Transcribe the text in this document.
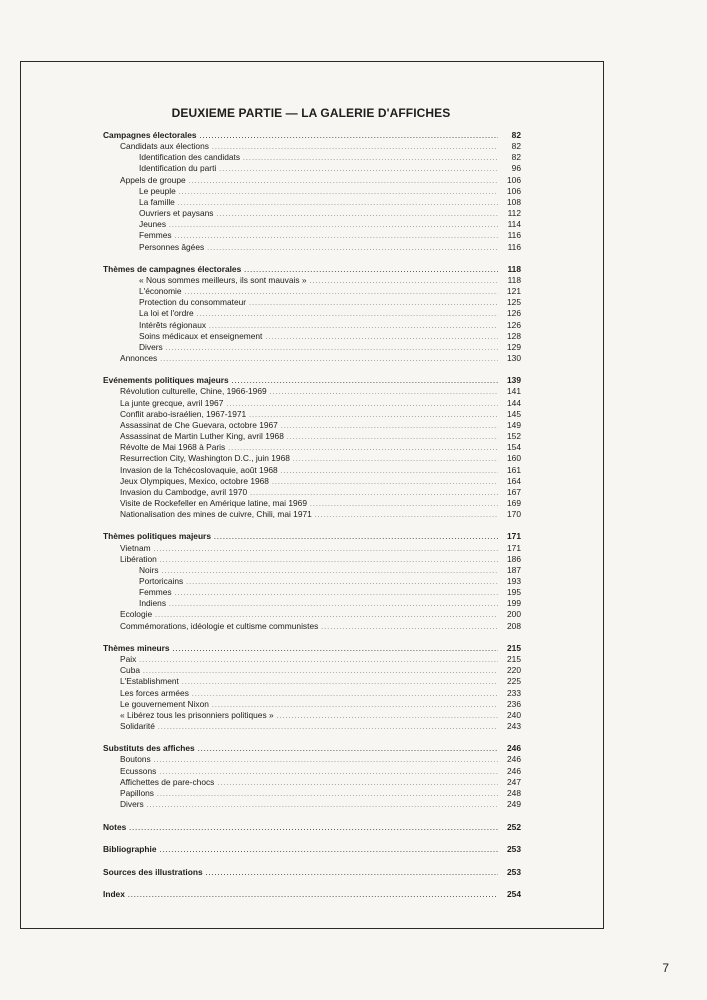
DEUXIEME PARTIE — LA GALERIE D'AFFICHES
Campagnes électorales .....	82
Candidats aux élections .....	82
Identification des candidats .....	82
Identification du parti .....	96
Appels de groupe .....	106
Le peuple .....	106
La famille .....	108
Ouvriers et paysans .....	112
Jeunes .....	114
Femmes .....	116
Personnes âgées .....	116
Thèmes de campagnes électorales .....	118
« Nous sommes meilleurs, ils sont mauvais » .....	118
L'économie .....	121
Protection du consommateur .....	125
La loi et l'ordre .....	126
Intérêts régionaux .....	126
Soins médicaux et enseignement .....	128
Divers .....	129
Annonces .....	130
Evénements politiques majeurs .....	139
Révolution culturelle, Chine, 1966-1969 .....	141
La junte grecque, avril 1967 .....	144
Conflit arabo-israélien, 1967-1971 .....	145
Assassinat de Che Guevara, octobre 1967 .....	149
Assassinat de Martin Luther King, avril 1968 .....	152
Révolte de Mai 1968 à Paris .....	154
Resurrection City, Washington D.C., juin 1968 .....	160
Invasion de la Tchécoslovaquie, août 1968 .....	161
Jeux Olympiques, Mexico, octobre 1968 .....	164
Invasion du Cambodge, avril 1970 .....	167
Visite de Rockefeller en Amérique latine, mai 1969 .....	169
Nationalisation des mines de cuivre, Chili, mai 1971 .....	170
Thèmes politiques majeurs .....	171
Vietnam .....	171
Libération .....	186
Noirs .....	187
Portoricains .....	193
Femmes .....	195
Indiens .....	199
Ecologie .....	200
Commémorations, idéologie et cultisme communistes .....	208
Thèmes mineurs .....	215
Paix .....	215
Cuba .....	220
L'Establishment .....	225
Les forces armées .....	233
Le gouvernement Nixon .....	236
« Libérez tous les prisonniers politiques » .....	240
Solidarité .....	243
Substituts des affiches .....	246
Boutons .....	246
Ecussons .....	246
Affichettes de pare-chocs .....	247
Papillons .....	248
Divers .....	249
Notes .....	252
Bibliographie .....	253
Sources des illustrations .....	253
Index .....	254
7
